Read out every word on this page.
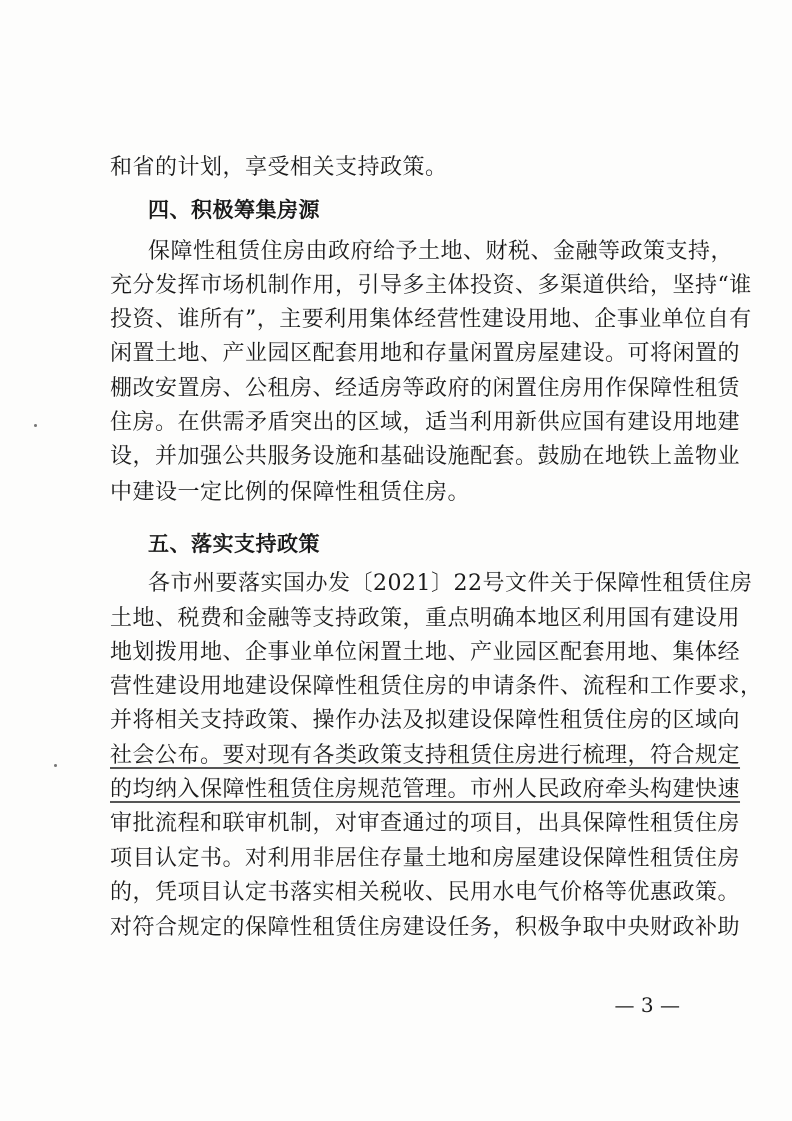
和省的计划，享受相关支持政策。
四、积极筹集房源
保障性租赁住房由政府给予土地、财税、金融等政策支持，
充分发挥市场机制作用，引导多主体投资、多渠道供给，坚持“谁
投资、谁所有”，主要利用集体经营性建设用地、企事业单位自有
闲置土地、产业园区配套用地和存量闲置房屋建设。可将闲置的
棚改安置房、公租房、经适房等政府的闲置住房用作保障性租赁
住房。在供需矛盾突出的区域，适当利用新供应国有建设用地建
设，并加强公共服务设施和基础设施配套。鼓励在地铁上盖物业
中建设一定比例的保障性租赁住房。
五、落实支持政策
各市州要落实国办发〔2021〕22号文件关于保障性租赁住房
土地、税费和金融等支持政策，重点明确本地区利用国有建设用
地划拨用地、企事业单位闲置土地、产业园区配套用地、集体经
营性建设用地建设保障性租赁住房的申请条件、流程和工作要求，
并将相关支持政策、操作办法及拟建设保障性租赁住房的区域向
社会公布。要对现有各类政策支持租赁住房进行梳理，符合规定
的均纳入保障性租赁住房规范管理。市州人民政府牵头构建快速
审批流程和联审机制，对审查通过的项目，出具保障性租赁住房
项目认定书。对利用非居住存量土地和房屋建设保障性租赁住房
的，凭项目认定书落实相关税收、民用水电气价格等优惠政策。
对符合规定的保障性租赁住房建设任务，积极争取中央财政补助
— 3 —
